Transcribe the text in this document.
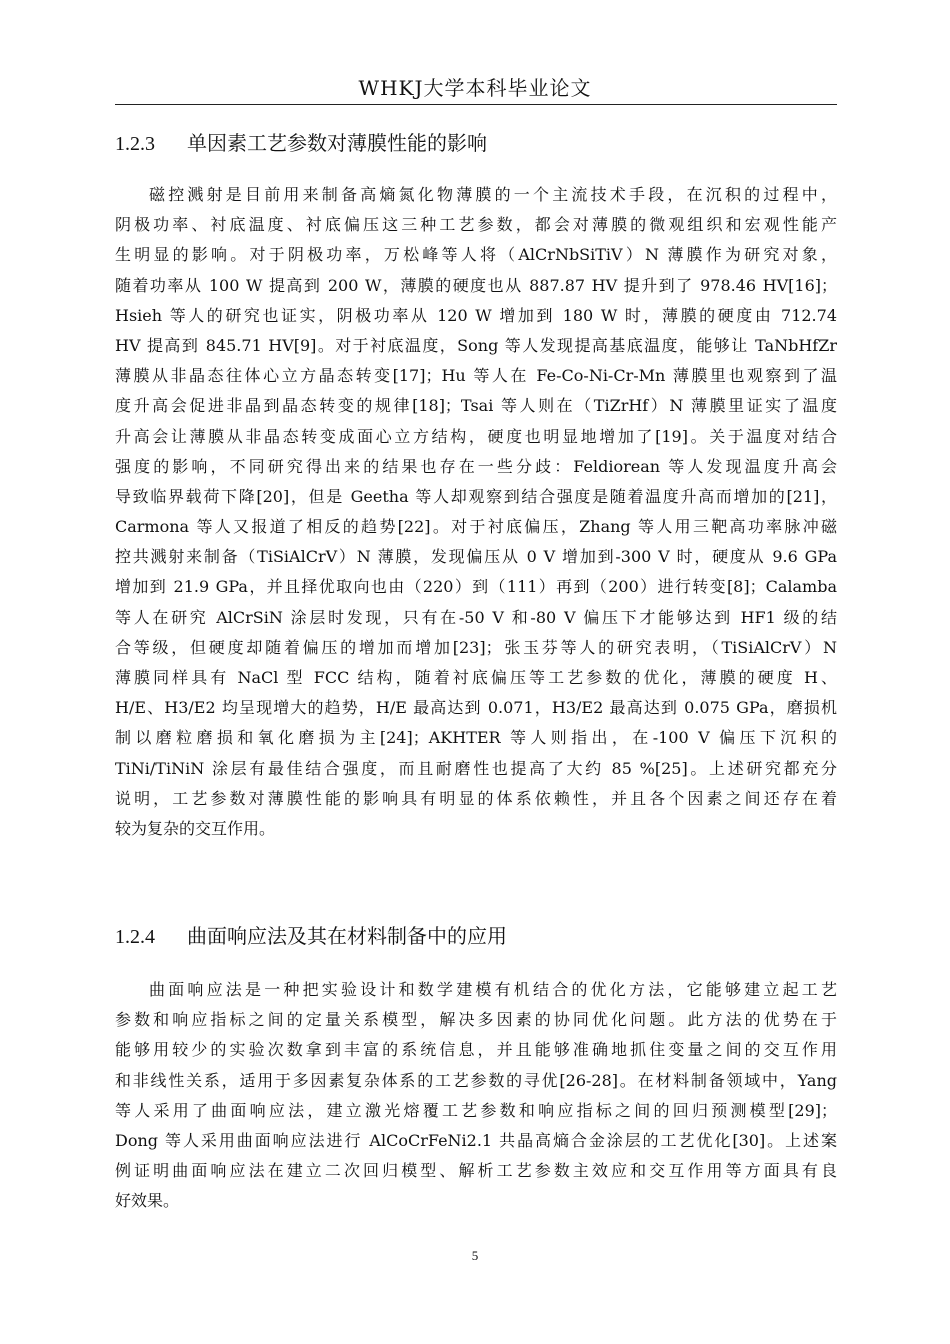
WHKJ大学本科毕业论文
1.2.3 单因素工艺参数对薄膜性能的影响
磁控溅射是目前用来制备高熵氮化物薄膜的一个主流技术手段，在沉积的过程中，
阴极功率、衬底温度、衬底偏压这三种工艺参数，都会对薄膜的微观组织和宏观性能产
生明显的影响。对于阴极功率，万松峰等人将（AlCrNbSiTiV）N 薄膜作为研究对象，
随着功率从 100 W 提高到 200 W，薄膜的硬度也从 887.87 HV 提升到了 978.46 HV[16]；
Hsieh 等人的研究也证实，阴极功率从 120 W 增加到 180 W 时，薄膜的硬度由 712.74
HV 提高到 845.71 HV[9]。对于衬底温度，Song 等人发现提高基底温度，能够让 TaNbHfZr
薄膜从非晶态往体心立方晶态转变[17]；Hu 等人在 Fe-Co-Ni-Cr-Mn 薄膜里也观察到了温
度升高会促进非晶到晶态转变的规律[18]；Tsai 等人则在（TiZrHf）N 薄膜里证实了温度
升高会让薄膜从非晶态转变成面心立方结构，硬度也明显地增加了[19]。关于温度对结合
强度的影响，不同研究得出来的结果也存在一些分歧：Feldiorean 等人发现温度升高会
导致临界载荷下降[20]，但是 Geetha 等人却观察到结合强度是随着温度升高而增加的[21]，
Carmona 等人又报道了相反的趋势[22]。对于衬底偏压，Zhang 等人用三靶高功率脉冲磁
控共溅射来制备（TiSiAlCrV）N 薄膜，发现偏压从 0 V 增加到-300 V 时，硬度从 9.6 GPa
增加到 21.9 GPa，并且择优取向也由（220）到（111）再到（200）进行转变[8]；Calamba
等人在研究 AlCrSiN 涂层时发现，只有在-50 V 和-80 V 偏压下才能够达到 HF1 级的结
合等级，但硬度却随着偏压的增加而增加[23]；张玉芬等人的研究表明，（TiSiAlCrV）N
薄膜同样具有 NaCl 型 FCC 结构，随着衬底偏压等工艺参数的优化，薄膜的硬度 H、
H/E、H3/E2 均呈现增大的趋势，H/E 最高达到 0.071，H3/E2 最高达到 0.075 GPa，磨损机
制以磨粒磨损和氧化磨损为主[24]；AKHTER 等人则指出，在-100 V 偏压下沉积的
TiNi/TiNiN 涂层有最佳结合强度，而且耐磨性也提高了大约 85 %[25]。上述研究都充分
说明，工艺参数对薄膜性能的影响具有明显的体系依赖性，并且各个因素之间还存在着
较为复杂的交互作用。
1.2.4 曲面响应法及其在材料制备中的应用
曲面响应法是一种把实验设计和数学建模有机结合的优化方法，它能够建立起工艺
参数和响应指标之间的定量关系模型，解决多因素的协同优化问题。此方法的优势在于
能够用较少的实验次数拿到丰富的系统信息，并且能够准确地抓住变量之间的交互作用
和非线性关系，适用于多因素复杂体系的工艺参数的寻优[26-28]。在材料制备领域中，Yang
等人采用了曲面响应法，建立激光熔覆工艺参数和响应指标之间的回归预测模型[29]；
Dong 等人采用曲面响应法进行 AlCoCrFeNi2.1 共晶高熵合金涂层的工艺优化[30]。上述案
例证明曲面响应法在建立二次回归模型、解析工艺参数主效应和交互作用等方面具有良
好效果。
5
